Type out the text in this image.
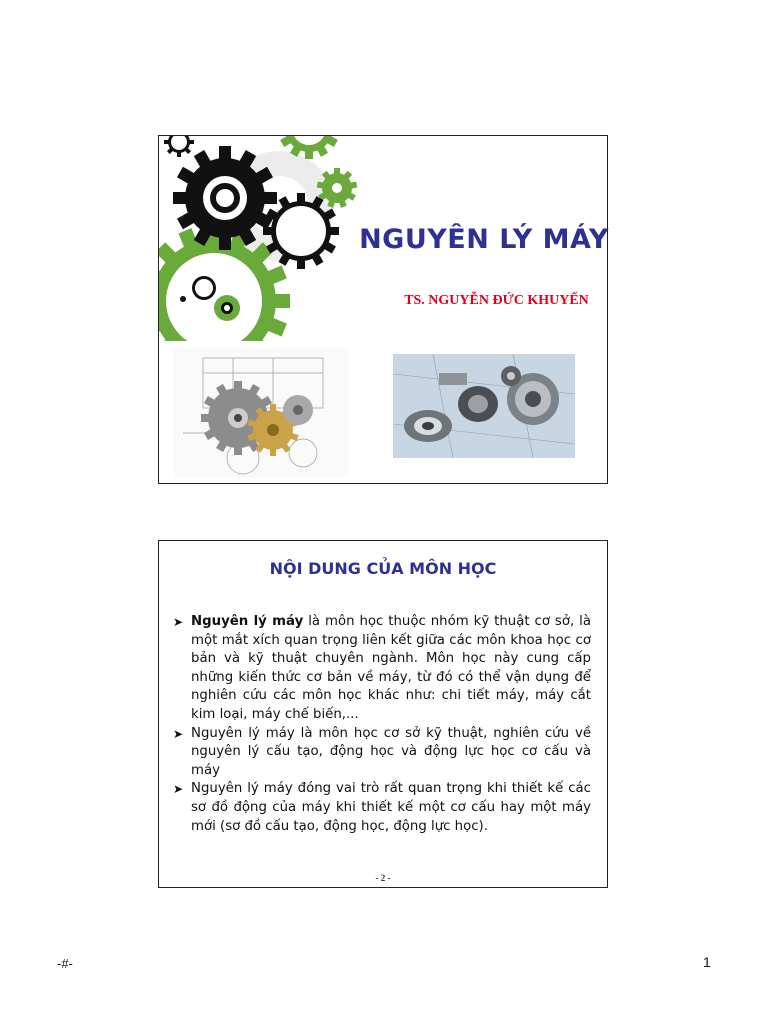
NGUYÊN LÝ MÁY
TS. NGUYỄN ĐỨC KHUYẾN
NỘI DUNG CỦA MÔN HỌC
➤ Nguyên lý máy là môn học thuộc nhóm kỹ thuật cơ sở, là một mắt xích quan trọng liên kết giữa các môn khoa học cơ bản và kỹ thuật chuyên ngành. Môn học này cung cấp những kiến thức cơ bản về máy, từ đó có thể vận dụng để nghiên cứu các môn học khác như: chi tiết máy, máy cắt kim loại, máy chế biến,...
➤ Nguyên lý máy là môn học cơ sở kỹ thuật, nghiên cứu về nguyên lý cấu tạo, động học và động lực học cơ cấu và máy
➤ Nguyên lý máy đóng vai trò rất quan trọng khi thiết kế các sơ đồ động của máy khi thiết kế một cơ cấu hay một máy mới (sơ đồ cấu tạo, động học, động lực học).
- 2 -
-#-	1
